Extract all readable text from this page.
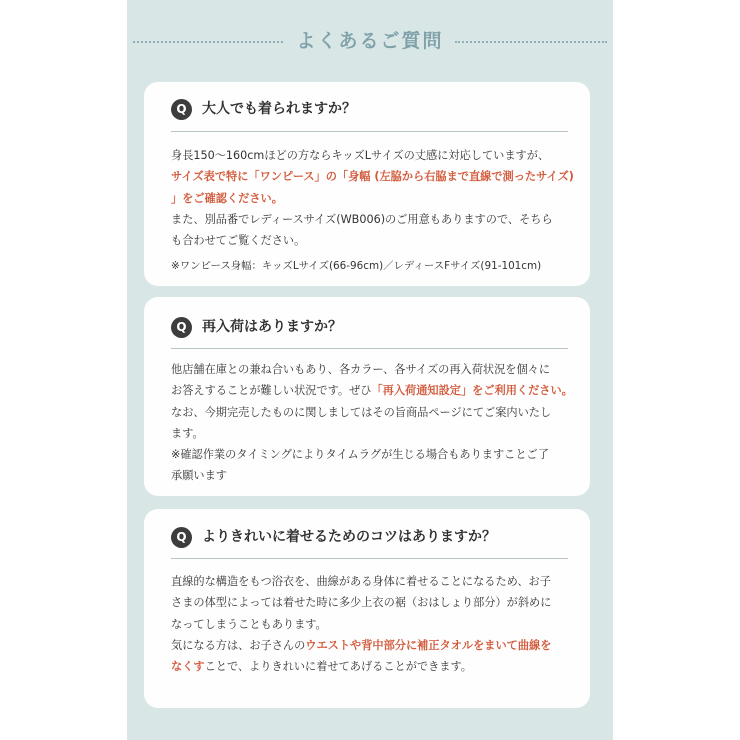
よくあるご質問
Q	大人でも着られますか？

身長150〜160cmほどの方ならキッズLサイズの丈感に対応していますが、

サイズ表で特に「ワンピース」の「身幅 (左脇から右脇まで直線で測ったサイズ)

」をご確認ください。

また、別品番でレディースサイズ(WB006)のご用意もありますので、そちら

も合わせてご覧ください。

※ワンピース身幅：キッズLサイズ(66-96cm)／レディースFサイズ(91-101cm)

Q	再入荷はありますか？

他店舗在庫との兼ね合いもあり、各カラー、各サイズの再入荷状況を個々に

お答えすることが難しい状況です。ぜひ「再入荷通知設定」をご利用ください。

なお、今期完売したものに関しましてはその旨商品ページにてご案内いたし

ます。

※確認作業のタイミングによりタイムラグが生じる場合もありますことご了

承願います

Q	よりきれいに着せるためのコツはありますか？

直線的な構造をもつ浴衣を、曲線がある身体に着せることになるため、お子

さまの体型によっては着せた時に多少上衣の裾（おはしょり部分）が斜めに

なってしまうこともあります。

気になる方は、お子さんのウエストや背中部分に補正タオルをまいて曲線を

なくすことで、よりきれいに着せてあげることができます。
